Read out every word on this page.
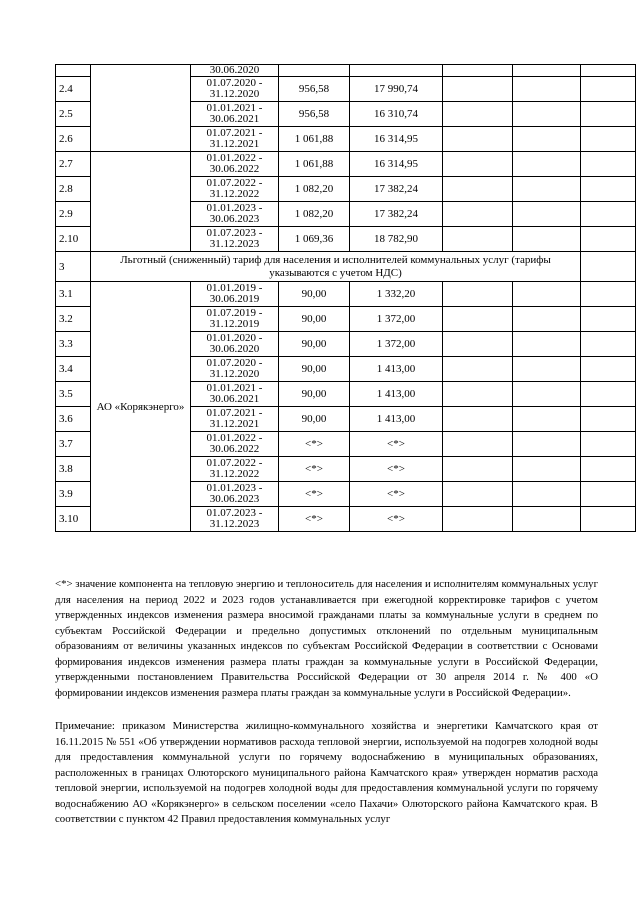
		30.06.2020					
2.4		01.07.2020 - 31.12.2020	956,58	17 990,74			
2.5		01.01.2021 - 30.06.2021	956,58	16 310,74			
2.6		01.07.2021 - 31.12.2021	1 061,88	16 314,95			
2.7		01.01.2022 - 30.06.2022	1 061,88	16 314,95			
2.8		01.07.2022 - 31.12.2022	1 082,20	17 382,24			
2.9		01.01.2023 - 30.06.2023	1 082,20	17 382,24			
2.10		01.07.2023 - 31.12.2023	1 069,36	18 782,90			
3	Льготный (сниженный) тариф для населения и исполнителей коммунальных услуг (тарифы указываются с учетом НДС)						

3.1	АО «Корякэнерго»	01.01.2019 - 30.06.2019	90,00	1 332,20			
3.2		01.07.2019 - 31.12.2019	90,00	1 372,00			
3.3		01.01.2020 - 30.06.2020	90,00	1 372,00			
3.4		01.07.2020 - 31.12.2020	90,00	1 413,00			
3.5		01.01.2021 - 30.06.2021	90,00	1 413,00			
3.6		01.07.2021 - 31.12.2021	90,00	1 413,00			
3.7		01.01.2022 - 30.06.2022	<*>	<*>			
3.8		01.07.2022 - 31.12.2022	<*>	<*>			
3.9		01.01.2023 - 30.06.2023	<*>	<*>			
3.10		01.07.2023 - 31.12.2023	<*>	<*>			

<*> значение компонента на тепловую энергию и теплоноситель для населения и исполнителям коммунальных услуг для населения на период 2022 и 2023 годов устанавливается при ежегодной корректировке тарифов с учетом утвержденных индексов изменения размера вносимой гражданами платы за коммунальные услуги в среднем по субъектам Российской Федерации и предельно допустимых отклонений по отдельным муниципальным образованиям от величины указанных индексов по субъектам Российской Федерации в соответствии с Основами формирования индексов изменения размера платы граждан за коммунальные услуги в Российской Федерации, утвержденными постановлением Правительства Российской Федерации от 30 апреля 2014 г. № 400 «О формировании индексов изменения размера платы граждан за коммунальные услуги в Российской Федерации».

Примечание: приказом Министерства жилищно-коммунального хозяйства и энергетики Камчатского края от 16.11.2015 № 551 «Об утверждении нормативов расхода тепловой энергии, используемой на подогрев холодной воды для предоставления коммунальной услуги по горячему водоснабжению в муниципальных образованиях, расположенных в границах Олюторского муниципального района Камчатского края» утвержден норматив расхода тепловой энергии, используемой на подогрев холодной воды для предоставления коммунальной услуги по горячему водоснабжению АО «Корякэнерго» в сельском поселении «село Пахачи» Олюторского района Камчатского края. В соответствии с пунктом 42 Правил предоставления коммунальных услуг
